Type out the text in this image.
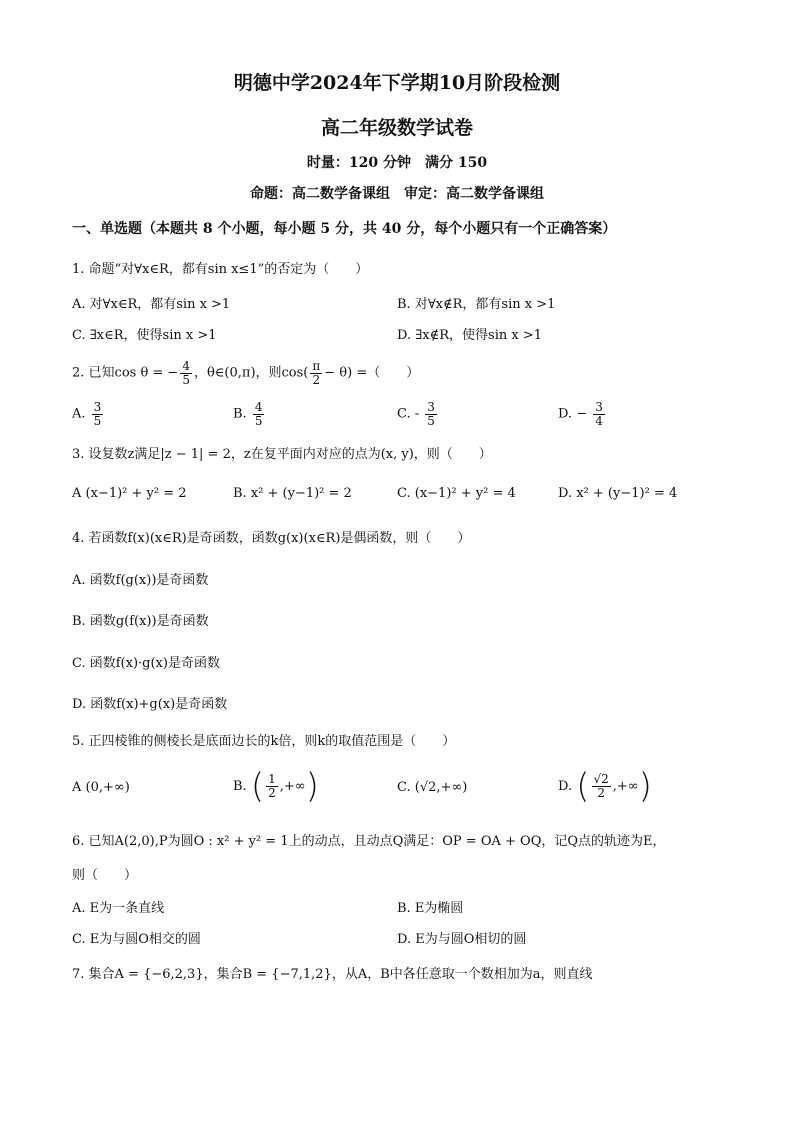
明德中学2024年下学期10月阶段检测
高二年级数学试卷
时量：120 分钟　满分 150
命题：高二数学备课组　审定：高二数学备课组
一、单选题（本题共 8 个小题，每小题 5 分，共 40 分，每个小题只有一个正确答案）
1. 命题“对∀x∈R，都有sin x≤1”的否定为（　　）
A. 对∀x∈R，都有sin x >1	B. 对∀x∉R，都有sin x >1
C. ∃x∈R，使得sin x >1	D. ∃x∉R，使得sin x >1
2. 已知cos θ = − $\frac{4}{5}$ ，θ∈(0,π)，则$\cos( \frac{\pi}{2} - \theta)$ =（　　）
A. $\frac{3}{5}$	B. $\frac{4}{5}$	C. - $\frac{3}{5}$	D. − $\frac{3}{4}$
3. 设复数z满足|z − 1| = 2，z在复平面内对应的点为(x, y)，则（　　）
A (x−1)² + y² = 2	B. x² + (y−1)² = 2	C. (x−1)² + y² = 4	D. x² + (y−1)² = 4
4. 若函数f(x)(x∈R)是奇函数，函数g(x)(x∈R)是偶函数，则（　　）
A. 函数f(g(x))是奇函数
B. 函数g(f(x))是奇函数
C. 函数f(x)·g(x)是奇函数
D. 函数f(x)+g(x)是奇函数
5. 正四棱锥的侧棱长是底面边长的k倍，则k的取值范围是（　　）
A (0,+∞)	B. ( $\frac{1}{2}$ ,+∞)	C. (√2,+∞)	D. ( $\frac{√2}{2}$ ,+∞)
6. 已知A(2,0),P为圆O : x² + y² = 1上的动点，且动点Q满足：OP = OA + OQ，记Q点的轨迹为E，
则（　　）
A. E为一条直线	B. E为椭圆
C. E为与圆O相交的圆	D. E为与圆O相切的圆
7. 集合A = {−6,2,3}，集合B = {−7,1,2}，从A，B中各任意取一个数相加为a，则直线
